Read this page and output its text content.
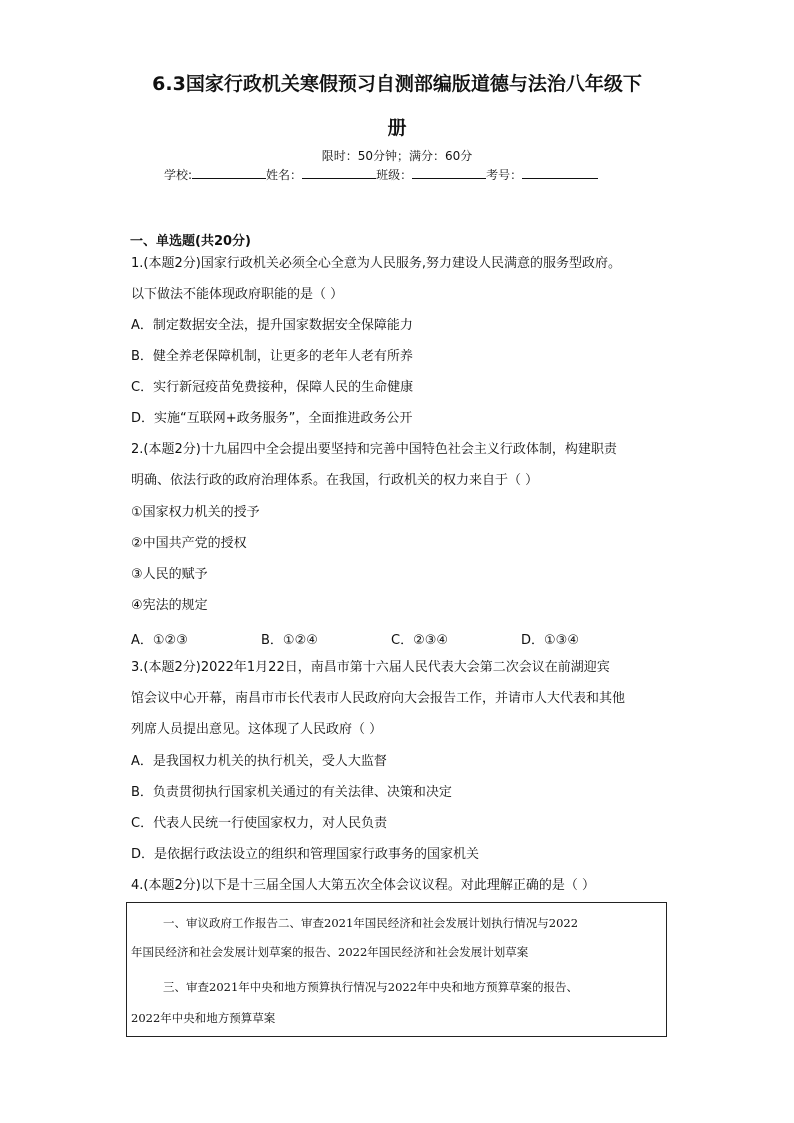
6.3国家行政机关寒假预习自测部编版道德与法治八年级下
册
限时：50分钟；满分：60分
学校:	姓名：	班级：	考号：
一、单选题(共20分)
1.(本题2分)国家行政机关必须全心全意为人民服务,努力建设人民满意的服务型政府。
以下做法不能体现政府职能的是（ ）
A．制定数据安全法，提升国家数据安全保障能力
B．健全养老保障机制，让更多的老年人老有所养
C．实行新冠疫苗免费接种，保障人民的生命健康
D．实施“互联网+政务服务”，全面推进政务公开
2.(本题2分)十九届四中全会提出要坚持和完善中国特色社会主义行政体制，构建职责
明确、依法行政的政府治理体系。在我国，行政机关的权力来自于（ ）
①国家权力机关的授予
②中国共产党的授权
③人民的赋予
④宪法的规定
A．①②③	B．①②④	C．②③④	D．①③④
3.(本题2分)2022年1月22日，南昌市第十六届人民代表大会第二次会议在前湖迎宾
馆会议中心开幕，南昌市市长代表市人民政府向大会报告工作，并请市人大代表和其他
列席人员提出意见。这体现了人民政府（ ）
A．是我国权力机关的执行机关，受人大监督
B．负责贯彻执行国家机关通过的有关法律、决策和决定
C．代表人民统一行使国家权力，对人民负责
D．是依据行政法设立的组织和管理国家行政事务的国家机关
4.(本题2分)以下是十三届全国人大第五次全体会议议程。对此理解正确的是（ ）
一、审议政府工作报告二、审查2021年国民经济和社会发展计划执行情况与2022
年国民经济和社会发展计划草案的报告、2022年国民经济和社会发展计划草案
三、审查2021年中央和地方预算执行情况与2022年中央和地方预算草案的报告、
2022年中央和地方预算草案
